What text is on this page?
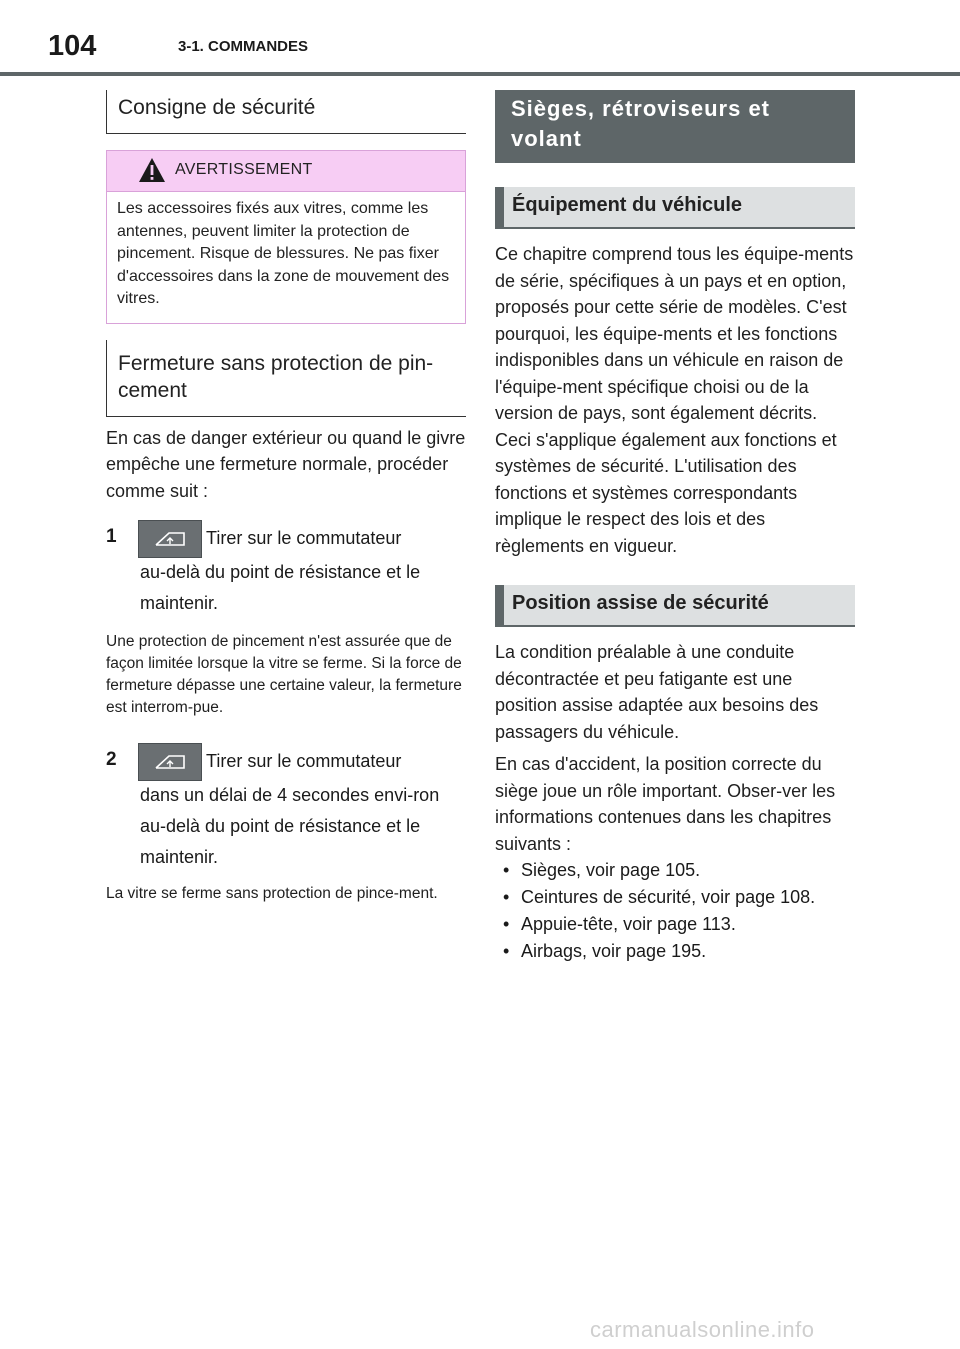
104	3-1. COMMANDES
Consigne de sécurité
AVERTISSEMENT
Les accessoires fixés aux vitres, comme les antennes, peuvent limiter la protection de pincement. Risque de blessures. Ne pas fixer d'accessoires dans la zone de mouvement des vitres.
Fermeture sans protection de pin-cement
En cas de danger extérieur ou quand le givre empêche une fermeture normale, procéder comme suit :
1	Tirer sur le commutateur
au-delà du point de résistance et le maintenir.
Une protection de pincement n'est assurée que de façon limitée lorsque la vitre se ferme. Si la force de fermeture dépasse une certaine valeur, la fermeture est interrom-pue.
2	Tirer sur le commutateur
dans un délai de 4 secondes envi-ron au-delà du point de résistance et le maintenir.
La vitre se ferme sans protection de pince-ment.
Sièges, rétroviseurs et volant
Équipement du véhicule
Ce chapitre comprend tous les équipe-ments de série, spécifiques à un pays et en option, proposés pour cette série de modèles. C'est pourquoi, les équipe-ments et les fonctions indisponibles dans un véhicule en raison de l'équipe-ment spécifique choisi ou de la version de pays, sont également décrits. Ceci s'applique également aux fonctions et systèmes de sécurité. L'utilisation des fonctions et systèmes correspondants implique le respect des lois et des règlements en vigueur.
Position assise de sécurité
La condition préalable à une conduite décontractée et peu fatigante est une position assise adaptée aux besoins des passagers du véhicule.
En cas d'accident, la position correcte du siège joue un rôle important. Obser-ver les informations contenues dans les chapitres suivants :
• Sièges, voir page 105.
• Ceintures de sécurité, voir page 108.
• Appuie-tête, voir page 113.
• Airbags, voir page 195.
carmanualsonline.info
